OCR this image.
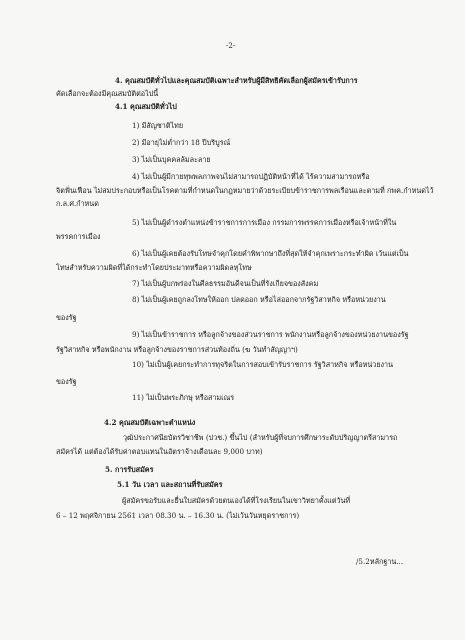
-2-
4. คุณสมบัติทั่วไปและคุณสมบัติเฉพาะสำหรับผู้มีสิทธิคัดเลือกผู้สมัครเข้ารับการ
คัดเลือกจะต้องมีคุณสมบัติต่อไปนี้
4.1 คุณสมบัติทั่วไป
1) มีสัญชาติไทย
2) มีอายุไม่ต่ำกว่า 18 ปีบริบูรณ์
3) ไม่เป็นบุคคลล้มละลาย
4) ไม่เป็นผู้มีกายทุพพลภาพจนไม่สามารถปฏิบัติหน้าที่ได้ ไร้ความสามารถหรือ
จิตฟั่นเฟือน ไม่สมประกอบหรือเป็นโรคตามที่กำหนดในกฎหมายว่าด้วยระเบียบข้าราชการพลเรือนและตามที่ กพค.กำหนดไว้
ก.ล.ศ.กำหนด
5) ไม่เป็นผู้ดำรงตำแหน่งข้าราชการการเมือง กรรมการพรรคการเมืองหรือเจ้าหน้าที่ใน
พรรคการเมือง
6) ไม่เป็นผู้เคยต้องรับโทษจำคุกโดยคำพิพากษาถึงที่สุดให้จำคุกเพราะกระทำผิด เว้นแต่เป็น
โทษสำหรับความผิดที่ได้กระทำโดยประมาทหรือความผิดลหุโทษ
7) ไม่เป็นผู้บกพร่องในศีลธรรมอันดีจนเป็นที่รังเกียจของสังคม
8) ไม่เป็นผู้เคยถูกลงโทษให้ออก ปลดออก หรือไล่ออกจากรัฐวิสาหกิจ หรือหน่วยงาน
ของรัฐ
9) ไม่เป็นข้าราชการ หรือลูกจ้างของส่วนราชการ พนักงานหรือลูกจ้างของหน่วยงานของรัฐ
รัฐวิสาหกิจ หรือพนักงาน หรือลูกจ้างของราชการส่วนท้องถิ่น (ฆ วันทำสัญญาฯ)
10) ไม่เป็นผู้เคยกระทำการทุจริตในการสอบเข้ารับราชการ รัฐวิสาหกิจ หรือหน่วยงาน
ของรัฐ
11) ไม่เป็นพระภิกษุ หรือสามเณร
4.2 คุณสมบัติเฉพาะตำแหน่ง
วุฒิประกาศนียบัตรวิชาชีพ (ปวช.) ขึ้นไป (สำหรับผู้ที่จบการศึกษาระดับปริญญาตรีสามารถ
สมัครได้ แต่ต้องได้รับค่าตอบแทนในอัตราจ้างเดือนละ 9,000 บาท)
5. การรับสมัคร
5.1 วัน เวลา และสถานที่รับสมัคร
ผู้สมัครขอรับและยื่นใบสมัครด้วยตนเองได้ที่โรงเรียนในเขาวิทยาคั้งแต่วันที่
6 – 12 พฤศจิกายน 2561 เวลา 08.30 น. – 16.30 น. (ไม่เว้นวันหยุดราชการ)
/5.2หลักฐาน...
